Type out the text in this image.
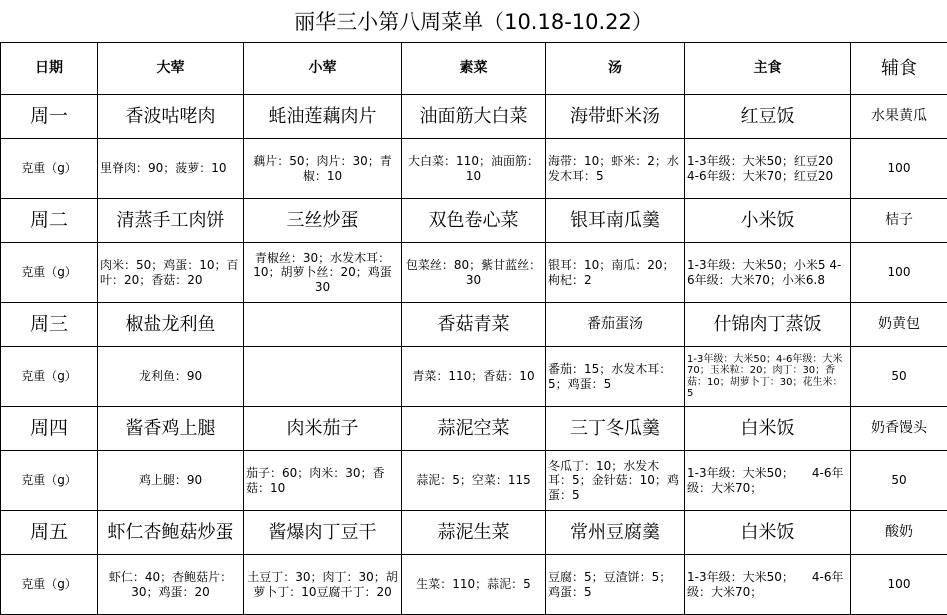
丽华三小第八周菜单（10.18-10.22）
日期	大荤	小荤	素菜	汤	主食	辅食
周一	香波咕咾肉	蚝油莲藕肉片	油面筋大白菜	海带虾米汤	红豆饭	水果黄瓜
克重（g）	里脊肉：90；菠萝：10	藕片：50；肉片：30；青椒：10	大白菜：110；油面筋：10	海带：10；虾米：2；水发木耳：5	1-3年级：大米50；红豆20 4-6年级：大米70；红豆20	100
周二	清蒸手工肉饼	三丝炒蛋	双色卷心菜	银耳南瓜羹	小米饭	桔子
克重（g）	肉米：50；鸡蛋：10；百叶：20；香菇：20	青椒丝：30；水发木耳：10；胡萝卜丝：20；鸡蛋30	包菜丝：80；紫甘蓝丝：30	银耳：10；南瓜：20；枸杞：2	1-3年级：大米50；小米5 4-6年级：大米70；小米6.8	100
周三	椒盐龙利鱼		香菇青菜	番茄蛋汤	什锦肉丁蒸饭	奶黄包
克重（g）	龙利鱼：90		青菜：110；香菇：10	番茄：15；水发木耳：5；鸡蛋：5	1-3年级：大米50；4-6年级：大米70；玉米粒：20；肉丁：30；香菇：10；胡萝卜丁：30；花生米：5	50
周四	酱香鸡上腿	肉米茄子	蒜泥空菜	三丁冬瓜羹	白米饭	奶香馒头
克重（g）	鸡上腿：90	茄子：60；肉米：30；香菇：10	蒜泥：5；空菜：115	冬瓜丁：10；水发木耳：5；金针菇：10；鸡蛋：5	1-3年级：大米50；　　4-6年级：大米70；	50
周五	虾仁杏鲍菇炒蛋	酱爆肉丁豆干	蒜泥生菜	常州豆腐羹	白米饭	酸奶
克重（g）	虾仁：40；杏鲍菇片：30；鸡蛋：20	土豆丁：30；肉丁：30；胡萝卜丁：10豆腐干丁：20	生菜：110；蒜泥：5	豆腐：5；豆渣饼：5；鸡蛋：5	1-3年级：大米50；　　4-6年级：大米70；	100
